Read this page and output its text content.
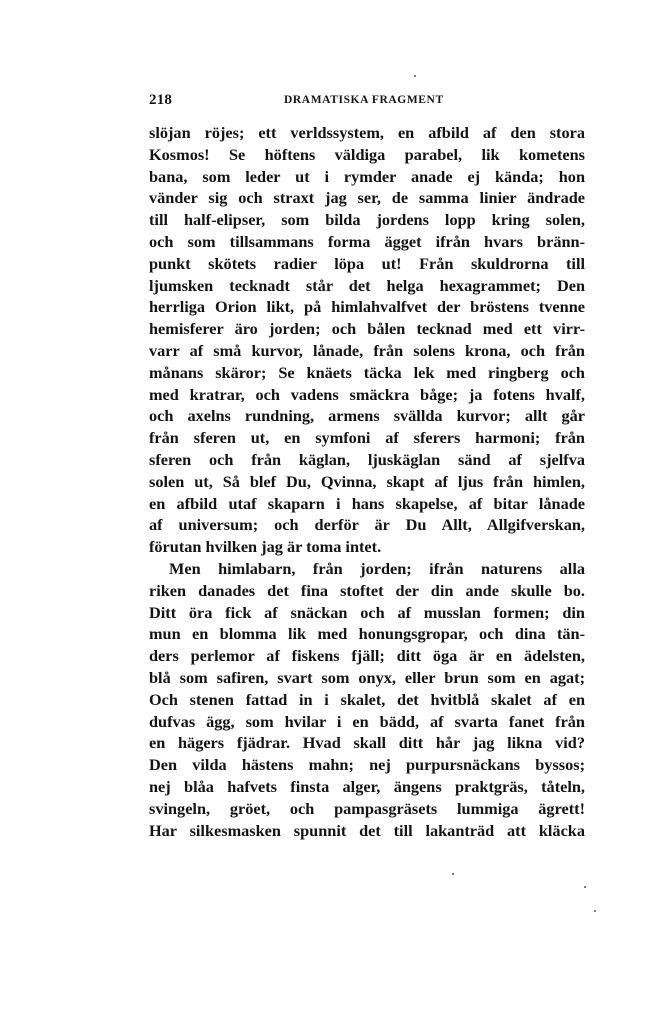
218	DRAMATISKA FRAGMENT
slöjan röjes; ett verldssystem, en afbild af den stora
Kosmos! Se höftens väldiga parabel, lik kometens
bana, som leder ut i rymder anade ej kända; hon
vänder sig och straxt jag ser, de samma linier ändrade
till half-elipser, som bilda jordens lopp kring solen,
och som tillsammans forma ägget ifrån hvars bränn-
punkt skötets radier löpa ut! Från skuldrorna till
ljumsken tecknadt står det helga hexagrammet; Den
herrliga Orion likt, på himlahvalfvet der bröstens tvenne
hemisferer äro jorden; och bålen tecknad med ett virr-
varr af små kurvor, lånade, från solens krona, och från
månans skäror; Se knäets täcka lek med ringberg och
med kratrar, och vadens smäckra båge; ja fotens hvalf,
och axelns rundning, armens svällda kurvor; allt går
från sferen ut, en symfoni af sferers harmoni; från
sferen och från käglan, ljuskäglan sänd af sjelfva
solen ut, Så blef Du, Qvinna, skapt af ljus från himlen,
en afbild utaf skaparn i hans skapelse, af bitar lånade
af universum; och derför är Du Allt, Allgifverskan,
förutan hvilken jag är toma intet.
Men himlabarn, från jorden; ifrån naturens alla
riken danades det fina stoftet der din ande skulle bo.
Ditt öra fick af snäckan och af musslan formen; din
mun en blomma lik med honungsgropar, och dina tän-
ders perlemor af fiskens fjäll; ditt öga är en ädelsten,
blå som safiren, svart som onyx, eller brun som en agat;
Och stenen fattad in i skalet, det hvitblå skalet af en
dufvas ägg, som hvilar i en bädd, af svarta fanet från
en hägers fjädrar. Hvad skall ditt hår jag likna vid?
Den vilda hästens mahn; nej purpursnäckans byssos;
nej blåa hafvets finsta alger, ängens praktgräs, tåteln,
svingeln, gröet, och pampasgräsets lummiga ägrett!
Har silkesmasken spunnit det till lakanträd att kläcka
